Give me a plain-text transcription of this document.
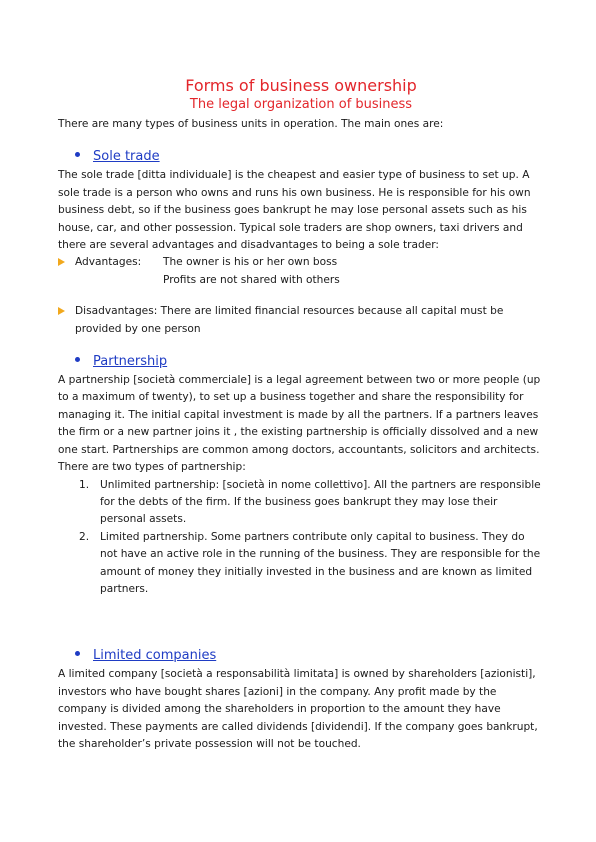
Forms of business ownership
The legal organization of business

There are many types of business units in operation. The main ones are:

Sole trade

The sole trade [ditta individuale] is the cheapest and easier type of business to set up. A sole trade is a person who owns and runs his own business. He is responsible for his own business debt, so if the business goes bankrupt he may lose personal assets such as his house, car, and other possession. Typical sole traders are shop owners, taxi drivers and there are several advantages and disadvantages to being a sole trader:

Advantages:	The owner is his or her own boss
Profits are not shared with others
Disadvantages: There are limited financial resources because all capital must be provided by one person
Partnership

A partnership [società commerciale] is a legal agreement between two or more people (up to a maximum of twenty), to set up a business together and share the responsibility for managing it. The initial capital investment is made by all the partners. If a partners leaves the firm or a new partner joins it , the existing partnership is officially dissolved and a new one start. Partnerships are common among doctors, accountants, solicitors and architects. There are two types of partnership:

1. Unlimited partnership: [società in nome collettivo]. All the partners are responsible for the debts of the firm. If the business goes bankrupt they may lose their personal assets.
2. Limited partnership. Some partners contribute only capital to business. They do not have an active role in the running of the business. They are responsible for the amount of money they initially invested in the business and are known as limited partners.
Limited companies

A limited company [società a responsabilità limitata] is owned by shareholders [azionisti], investors who have bought shares [azioni] in the company. Any profit made by the company is divided among the shareholders in proportion to the amount they have invested. These payments are called dividends [dividendi]. If the company goes bankrupt, the shareholder’s private possession will not be touched.
